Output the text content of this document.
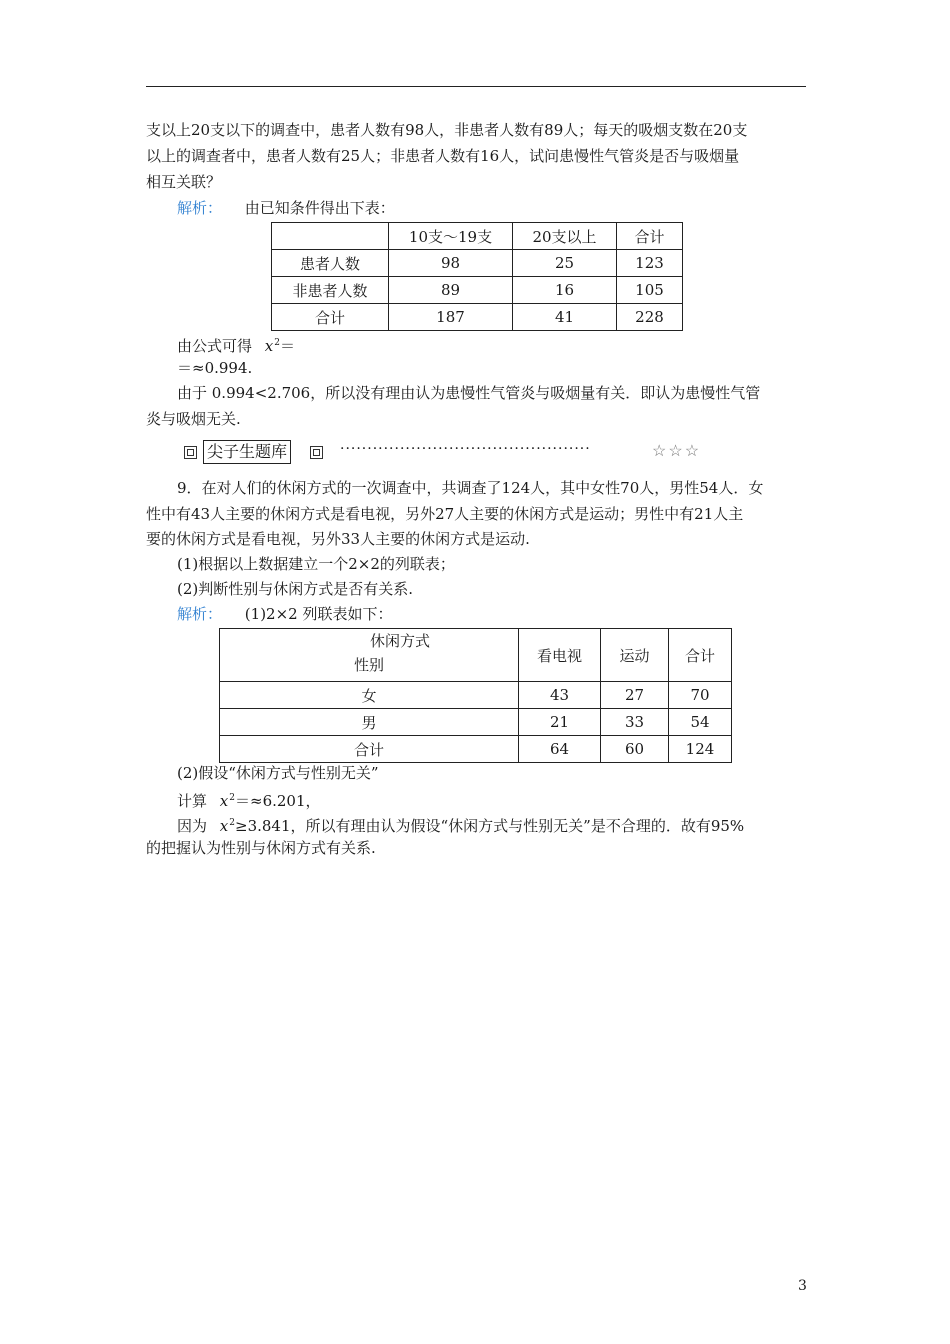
支以上20支以下的调查中，患者人数有98人，非患者人数有89人；每天的吸烟支数在20支
以上的调查者中，患者人数有25人；非患者人数有16人，试问患慢性气管炎是否与吸烟量
相互关联？
解析： 由已知条件得出下表：
	10支～19支	20支以上	合计
患者人数	98	25	123
非患者人数	89	16	105
合计	187	41	228
由公式可得 $x^2=$
＝≈0.994.
由于 0.994<2.706，所以没有理由认为患慢性气管炎与吸烟量有关．即认为患慢性气管
炎与吸烟无关.
尖子生题库	··············································	☆☆☆
9．在对人们的休闲方式的一次调查中，共调查了124人，其中女性70人，男性54人．女
性中有43人主要的休闲方式是看电视，另外27人主要的休闲方式是运动；男性中有21人主
要的休闲方式是看电视，另外33人主要的休闲方式是运动.
(1)根据以上数据建立一个2×2的列联表；
(2)判断性别与休闲方式是否有关系.
解析： (1)2×2 列联表如下：
休闲方式
性别	看电视	运动	合计
女	43	27	70
男	21	33	54
合计	64	60	124
(2)假设“休闲方式与性别无关”
计算 $x^2=\approx 6.201$，
因为 $x^2\ge 3.841$，所以有理由认为假设“休闲方式与性别无关”是不合理的．故有95%
的把握认为性别与休闲方式有关系.
3
